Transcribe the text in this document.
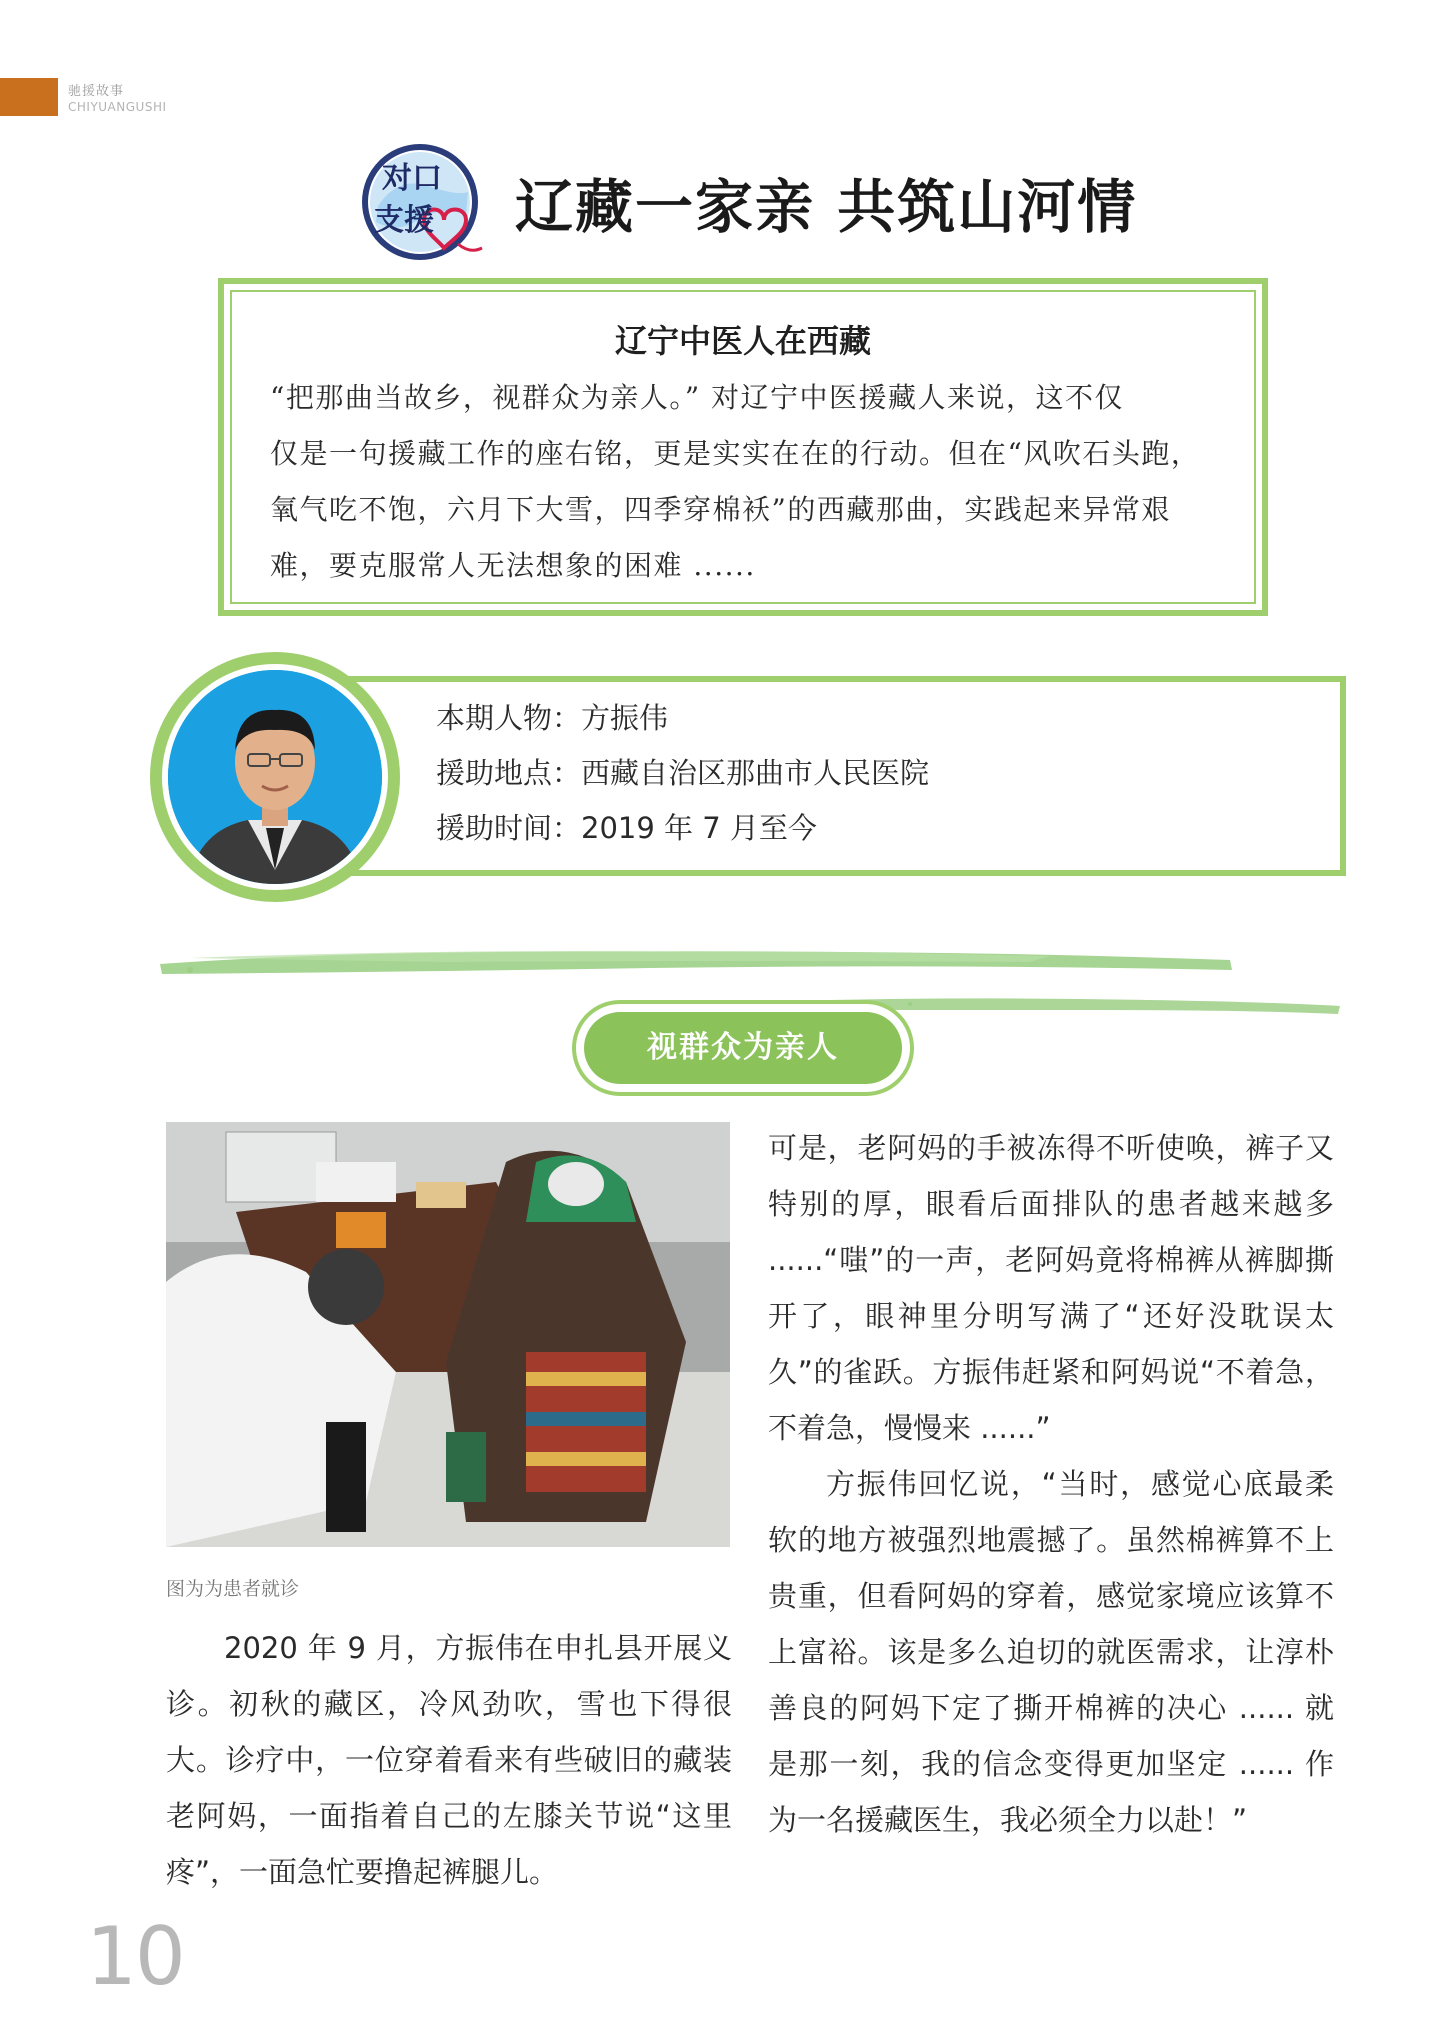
驰援故事
CHIYUANGUSHI
对口
支援 辽藏一家亲 共筑山河情
辽宁中医人在西藏
“把那曲当故乡，视群众为亲人。” 对辽宁中医援藏人来说，这不仅
仅是一句援藏工作的座右铭，更是实实在在的行动。但在“风吹石头跑，
氧气吃不饱，六月下大雪，四季穿棉袄”的西藏那曲，实践起来异常艰
难，要克服常人无法想象的困难 ......
本期人物：方振伟
援助地点：西藏自治区那曲市人民医院
援助时间：2019 年 7 月至今
视群众为亲人
图为为患者就诊

2020 年 9 月，方振伟在申扎县开展义诊。初秋的藏区，冷风劲吹，雪也下得很大。诊疗中，一位穿着看来有些破旧的藏装老阿妈，一面指着自己的左膝关节说“这里疼”，一面急忙要撸起裤腿儿。

可是，老阿妈的手被冻得不听使唤，裤子又特别的厚，眼看后面排队的患者越来越多 ......“嗤”的一声，老阿妈竟将棉裤从裤脚撕开了，眼神里分明写满了“还好没耽误太久”的雀跃。方振伟赶紧和阿妈说“不着急，不着急，慢慢来 ......”

方振伟回忆说，“当时，感觉心底最柔软的地方被强烈地震撼了。虽然棉裤算不上贵重，但看阿妈的穿着，感觉家境应该算不上富裕。该是多么迫切的就医需求，让淳朴善良的阿妈下定了撕开棉裤的决心 ...... 就是那一刻，我的信念变得更加坚定 ...... 作为一名援藏医生，我必须全力以赴！”

10
